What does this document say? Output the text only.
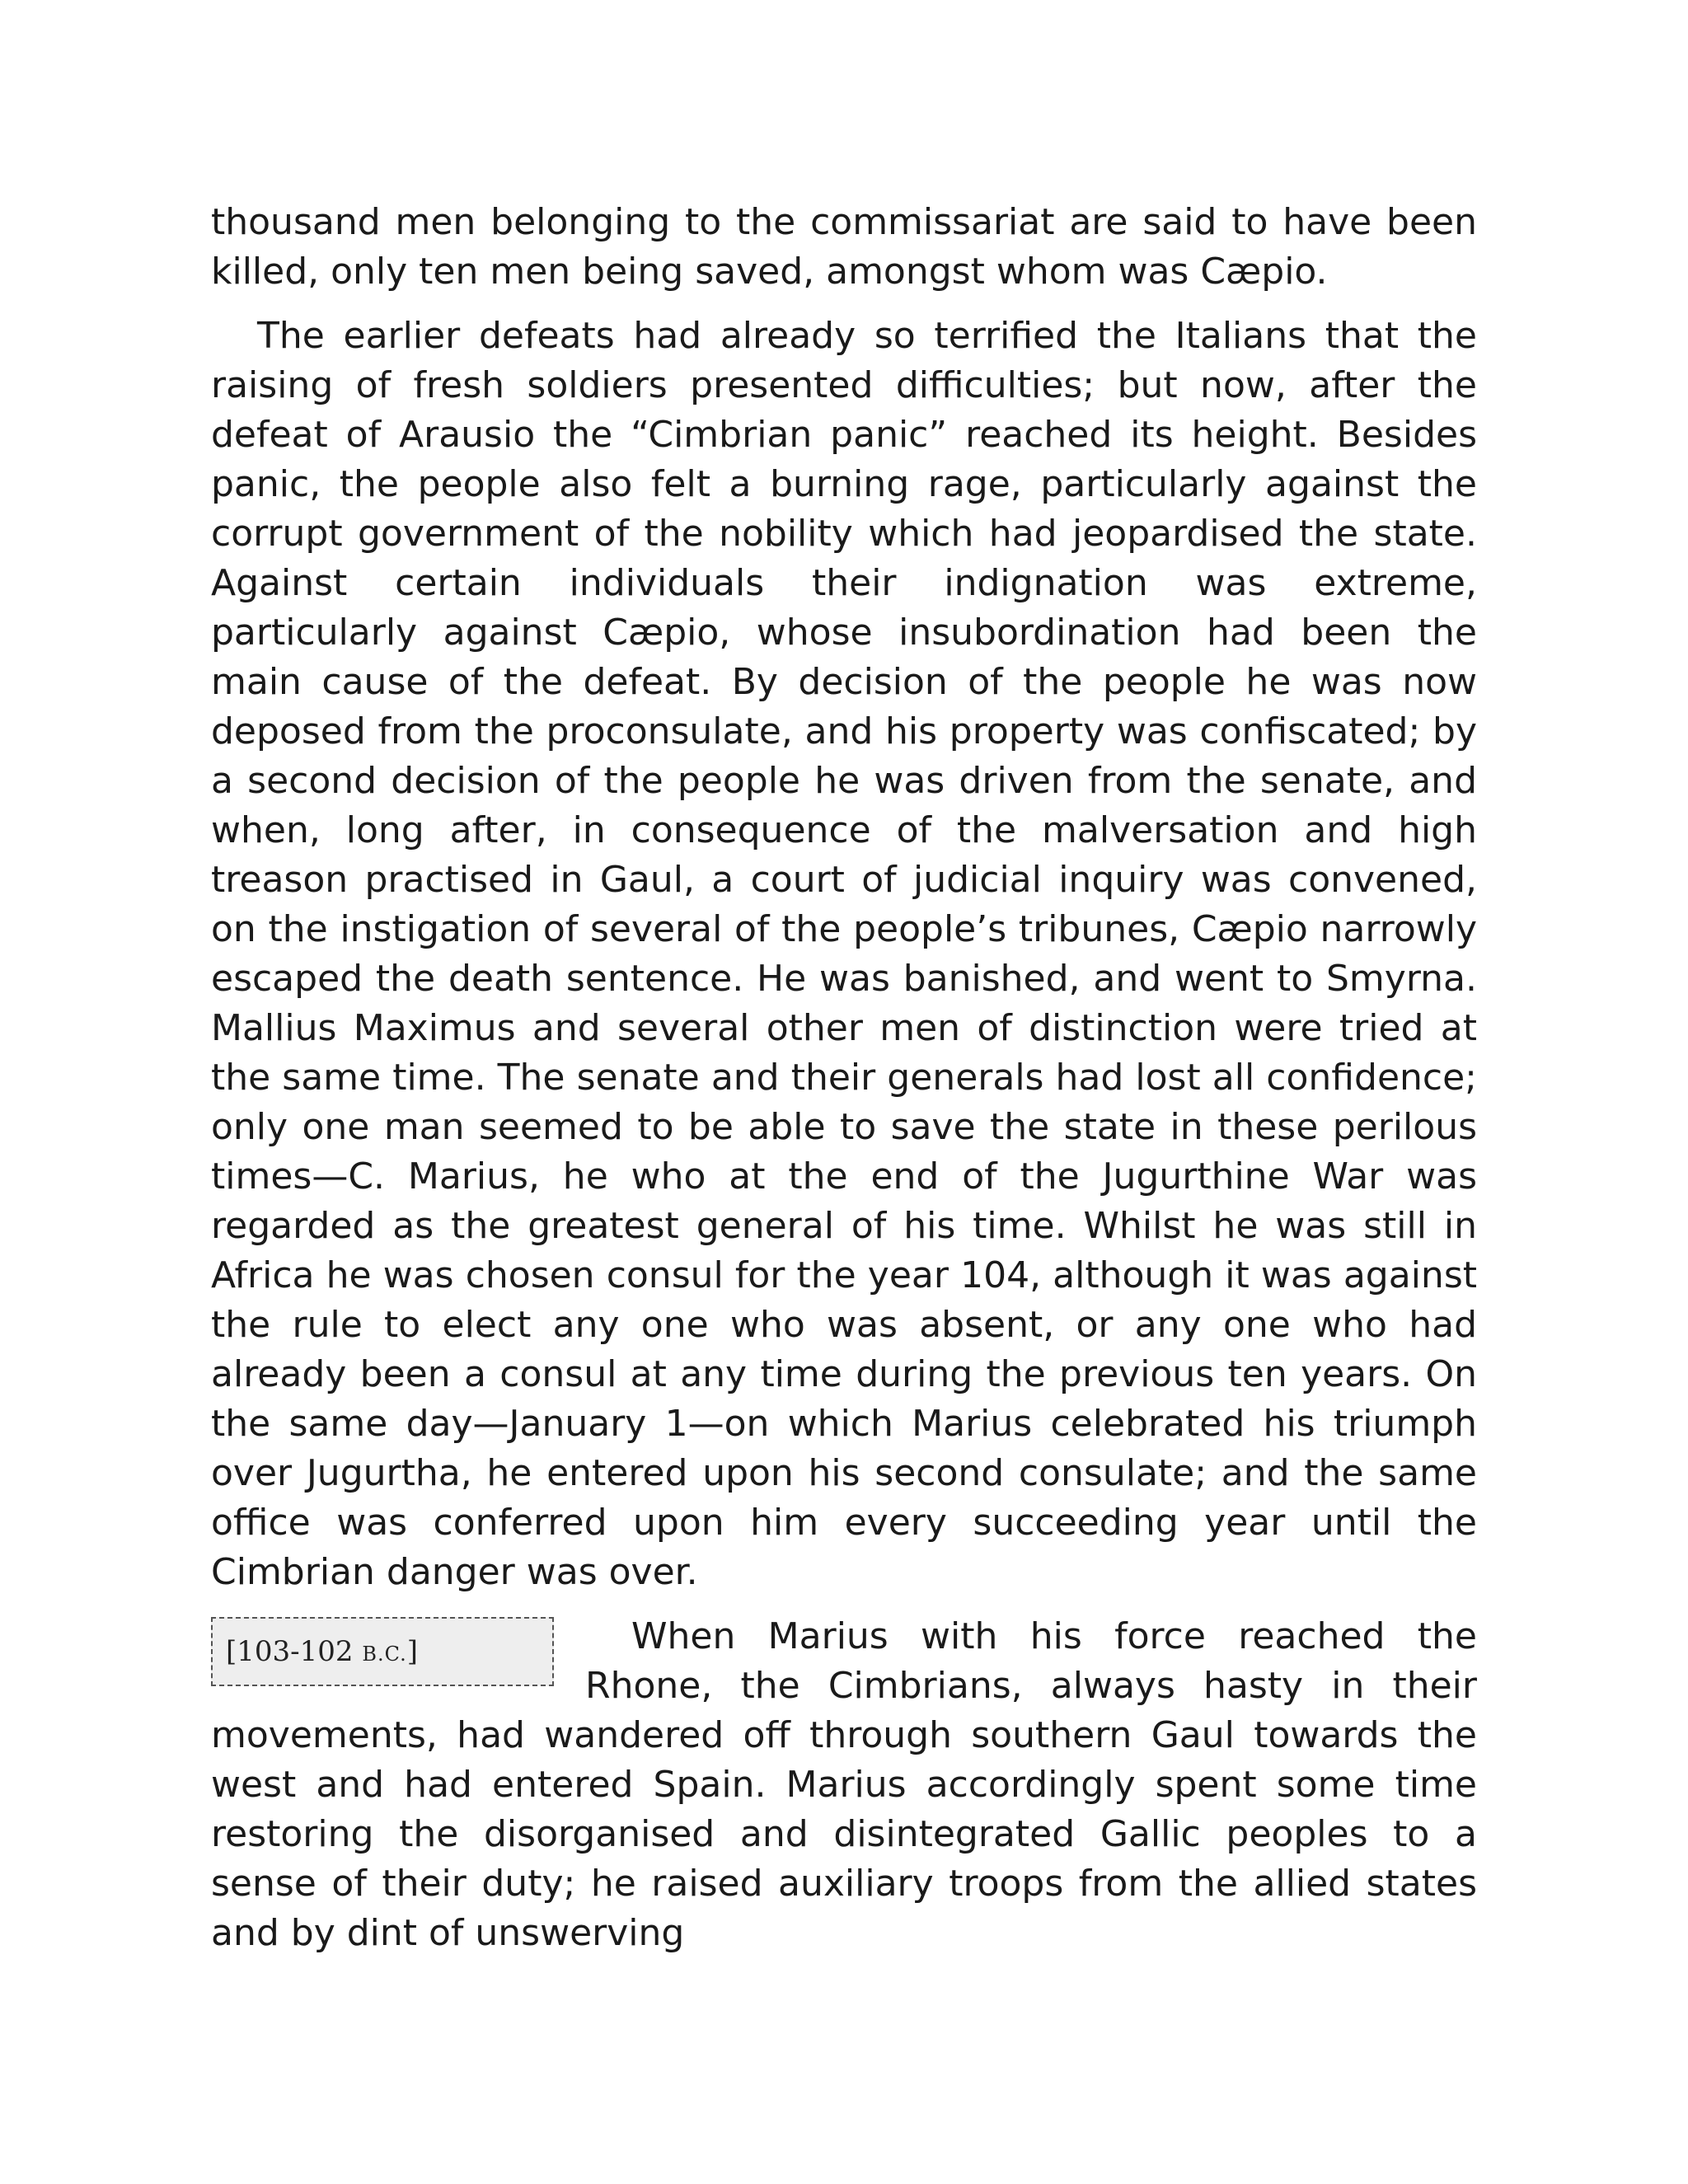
thousand men belonging to the commissariat are said to have been killed, only ten men being saved, amongst whom was Cæpio.

The earlier defeats had already so terrified the Italians that the raising of fresh soldiers presented difficulties; but now, after the defeat of Arausio the “Cimbrian panic” reached its height. Besides panic, the people also felt a burning rage, particularly against the corrupt government of the nobility which had jeopardised the state. Against certain individuals their indignation was extreme, particularly against Cæpio, whose insubordination had been the main cause of the defeat. By decision of the people he was now deposed from the proconsulate, and his property was confiscated; by a second decision of the people he was driven from the senate, and when, long after, in consequence of the malversation and high treason practised in Gaul, a court of judicial inquiry was convened, on the instigation of several of the people’s tribunes, Cæpio narrowly escaped the death sentence. He was banished, and went to Smyrna. Mallius Maximus and several other men of distinction were tried at the same time. The senate and their generals had lost all confidence; only one man seemed to be able to save the state in these perilous times—C. Marius, he who at the end of the Jugurthine War was regarded as the greatest general of his time. Whilst he was still in Africa he was chosen consul for the year 104, although it was against the rule to elect any one who was absent, or any one who had already been a consul at any time during the previous ten years. On the same day—January 1—on which Marius celebrated his triumph over Jugurtha, he entered upon his second consulate; and the same office was conferred upon him every succeeding year until the Cimbrian danger was over.

[103-102 B.C.]	When Marius with his force reached the Rhone, the Cimbrians, always hasty in their movements, had wandered off through southern Gaul towards the west and had entered Spain. Marius accordingly spent some time restoring the disorganised and disintegrated Gallic peoples to a sense of their duty; he raised auxiliary troops from the allied states and by dint of unswerving
